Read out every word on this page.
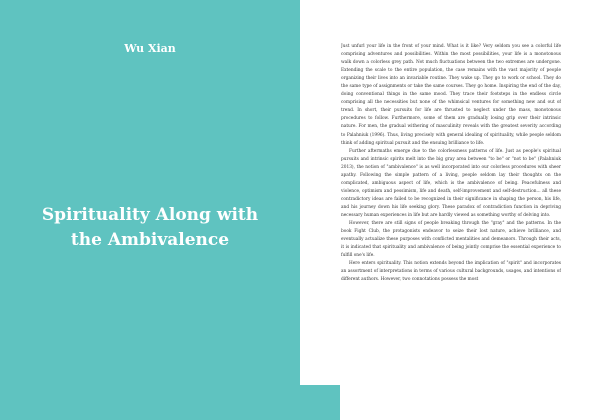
Wu Xian
Spirituality Along with
the Ambivalence

Just unfurl your life in the front of your mind. What is it like? Very seldom you see a colorful life comprising adventures and possibilities. Within the most possibilities, your life is a monotonous walk down a colorless grey path. Not much fluctuations between the two extremes are undergone. Extending the scale to the entire population, the case remains with the vast majority of people organizing their lives into an invariable routine. They wake up. They go to work or school. They do the same type of assignments or take the same courses. They go home. Inspiring the end of the day, doing conventional things in the same mood. They trace their footsteps in the endless circle comprising all the necessities but none of the whimsical ventures for something new and out of trend. In short, their pursuits for life are thrusted to neglect under the mass, monotonous procedures to follow. Furthermore, some of them are gradually losing grip over their intrinsic nature. For men, the gradual withering of masculinity reveals with the greatest severity according to Palahniuk (1996). Thus, living precisely with general idealing of spirituality, while people seldom think of adding spiritual pursuit and the ensuing brilliance to life.

Further aftermaths emerge due to the colorlessness patterns of life. Just as people's spiritual pursuits and intrinsic spirits melt into the big gray area between "to be" or "not to be" (Palahniuk 2013), the notion of "ambivalence" is as well incorporated into our colorless procedures with sheer apathy. Following the simple pattern of a living, people seldom lay their thoughts on the complicated, ambiguous aspect of life, which is the ambivalence of being. Peacefulness and violence, optimism and pessimism, life and death, self-improvement and self-destruction... all these contradictory ideas are failed to be recognized in their significance in shaping the person, his life, and his journey down his life seeking glory. These paradox of contradiction function in depriving necessary human experiences in life but are hardly viewed as something worthy of delving into.

However, there are still signs of people breaking through the "gray" and the patterns. In the book Fight Club, the protagonists endeavor to seize their lost nature, achieve brilliance, and eventually actualize these purposes with conflicted mentalities and demeanors. Through their acts, it is indicated that spirituality and ambivalence of being jointly comprise the essential experience to fulfill one's life.

Here enters spirituality. This notion extends beyond the implication of "spirit" and incorporates an assortment of interpretations in terms of various cultural backgrounds, usages, and intentions of different authors. However, two connotations possess the most
